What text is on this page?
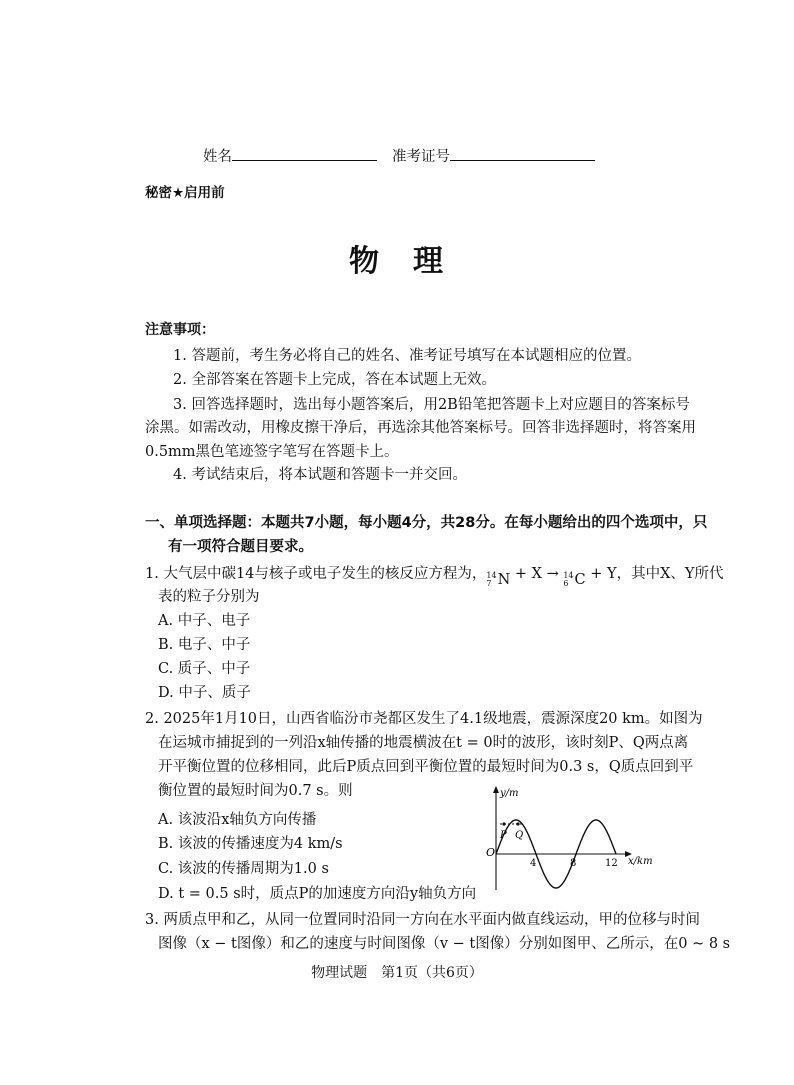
姓名	准考证号
秘密★启用前
物　理
注意事项：
1. 答题前，考生务必将自己的姓名、准考证号填写在本试题相应的位置。
2. 全部答案在答题卡上完成，答在本试题上无效。
3. 回答选择题时，选出每小题答案后，用2B铅笔把答题卡上对应题目的答案标号
涂黑。如需改动，用橡皮擦干净后，再选涂其他答案标号。回答非选择题时，将答案用
0.5mm黑色笔迹签字笔写在答题卡上。
4. 考试结束后，将本试题和答题卡一并交回。
一、单项选择题：本题共7小题，每小题4分，共28分。在每小题给出的四个选项中，只
有一项符合题目要求。
1. 大气层中碳14与核子或电子发生的核反应方程为， 14
7 N + X → 14
6 C + Y，其中X、Y所代
表的粒子分别为
A. 中子、电子
B. 电子、中子
C. 质子、中子
D. 中子、质子
2. 2025年1月10日，山西省临汾市尧都区发生了4.1级地震，震源深度20 km。如图为
在运城市捕捉到的一列沿x轴传播的地震横波在t = 0时的波形，该时刻P、Q两点离
开平衡位置的位移相同，此后P质点回到平衡位置的最短时间为0.3 s，Q质点回到平
衡位置的最短时间为0.7 s。则
A. 该波沿x轴负方向传播
B. 该波的传播速度为4 km/s
C. 该波的传播周期为1.0 s
D. t = 0.5 s时，质点P的加速度方向沿y轴负方向
y/m
x/km
O
P Q
4	8	12
3. 两质点甲和乙，从同一位置同时沿同一方向在水平面内做直线运动，甲的位移与时间
图像（x − t图像）和乙的速度与时间图像（v − t图像）分别如图甲、乙所示，在0 ~ 8 s
物理试题　第1页（共6页）
